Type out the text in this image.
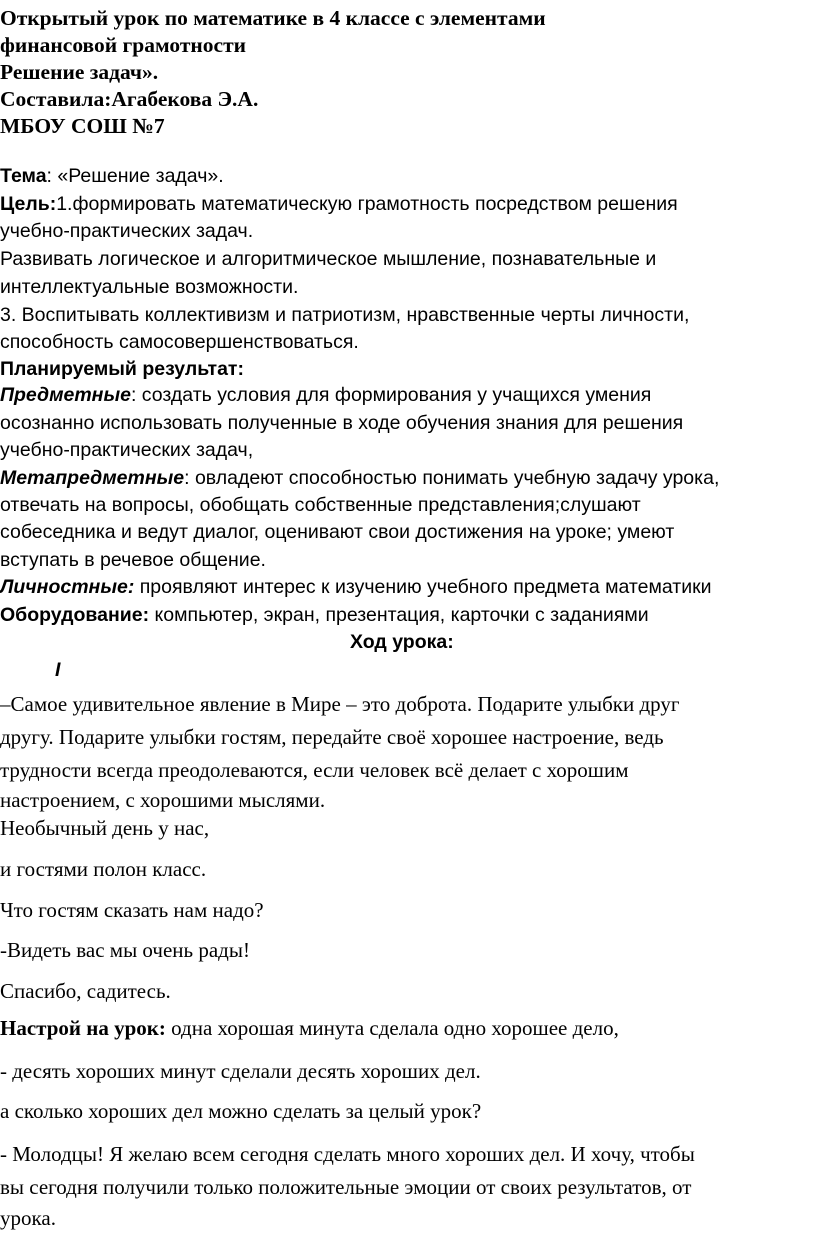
Открытый урок по математике в 4 классе с элементами
финансовой грамотности
Решение задач».
Составила:Агабекова Э.А.
МБОУ СОШ №7
Тема: «Решение задач».
Цель:1.формировать математическую грамотность посредством решения
учебно-практических задач.
Развивать логическое и алгоритмическое мышление, познавательные и
интеллектуальные возможности.
3. Воспитывать коллективизм и патриотизм, нравственные черты личности,
способность самосовершенствоваться.
Планируемый результат:
Предметные: создать условия для формирования у учащихся умения
осознанно использовать полученные в ходе обучения знания для решения
учебно-практических задач,
Метапредметные: овладеют способностью понимать учебную задачу урока,
отвечать на вопросы, обобщать собственные представления;слушают
собеседника и ведут диалог, оценивают свои достижения на уроке; умеют
вступать в речевое общение.
Личностные: проявляют интерес к изучению учебного предмета математики
Оборудование: компьютер, экран, презентация, карточки с заданиями
Ход урока:
I
–Самое удивительное явление в Мире – это доброта. Подарите улыбки друг
другу. Подарите улыбки гостям, передайте своё хорошее настроение, ведь
трудности всегда преодолеваются, если человек всё делает с хорошим
настроением, с хорошими мыслями.
Необычный день у нас,
и гостями полон класс.
Что гостям сказать нам надо?
-Видеть вас мы очень рады!
Спасибо, садитесь.
Настрой на урок: одна хорошая минута сделала одно хорошее дело,
- десять хороших минут сделали десять хороших дел.
а сколько хороших дел можно сделать за целый урок?
- Молодцы! Я желаю всем сегодня сделать много хороших дел. И хочу, чтобы
вы сегодня получили только положительные эмоции от своих результатов, от
урока.
